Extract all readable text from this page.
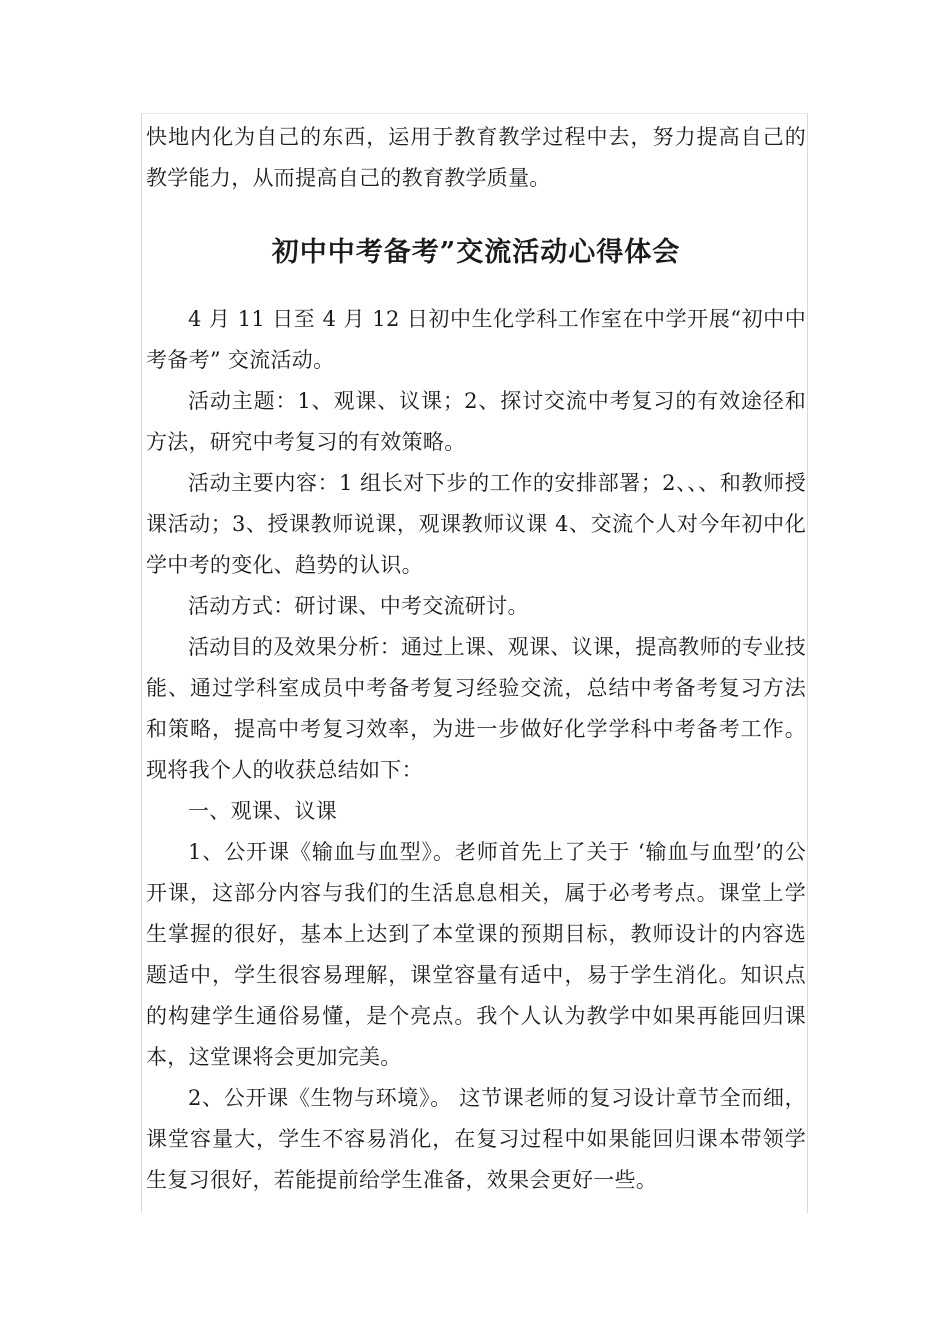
快地内化为自己的东西，运用于教育教学过程中去，努力提高自己的教学能力，从而提高自己的教育教学质量。

初中中考备考”交流活动心得体会

4 月 11 日至 4 月 12 日初中生化学科工作室在中学开展“初中中考备考” 交流活动。

活动主题：1、观课、议课；2、探讨交流中考复习的有效途径和方法，研究中考复习的有效策略。

活动主要内容：1 组长对下步的工作的安排部署；2、、、和教师授课活动；3、授课教师说课，观课教师议课 4、交流个人对今年初中化学中考的变化、趋势的认识。

活动方式：研讨课、中考交流研讨。

活动目的及效果分析：通过上课、观课、议课，提高教师的专业技能、通过学科室成员中考备考复习经验交流，总结中考备考复习方法和策略，提高中考复习效率，为进一步做好化学学科中考备考工作。现将我个人的收获总结如下：

一、观课、议课

1、公开课《输血与血型》。老师首先上了关于 ‘输血与血型’的公开课，这部分内容与我们的生活息息相关，属于必考考点。课堂上学生掌握的很好，基本上达到了本堂课的预期目标，教师设计的内容选题适中，学生很容易理解，课堂容量有适中，易于学生消化。知识点的构建学生通俗易懂，是个亮点。我个人认为教学中如果再能回归课本，这堂课将会更加完美。

2、公开课《生物与环境》。 这节课老师的复习设计章节全而细，课堂容量大，学生不容易消化，在复习过程中如果能回归课本带领学生复习很好，若能提前给学生准备，效果会更好一些。
